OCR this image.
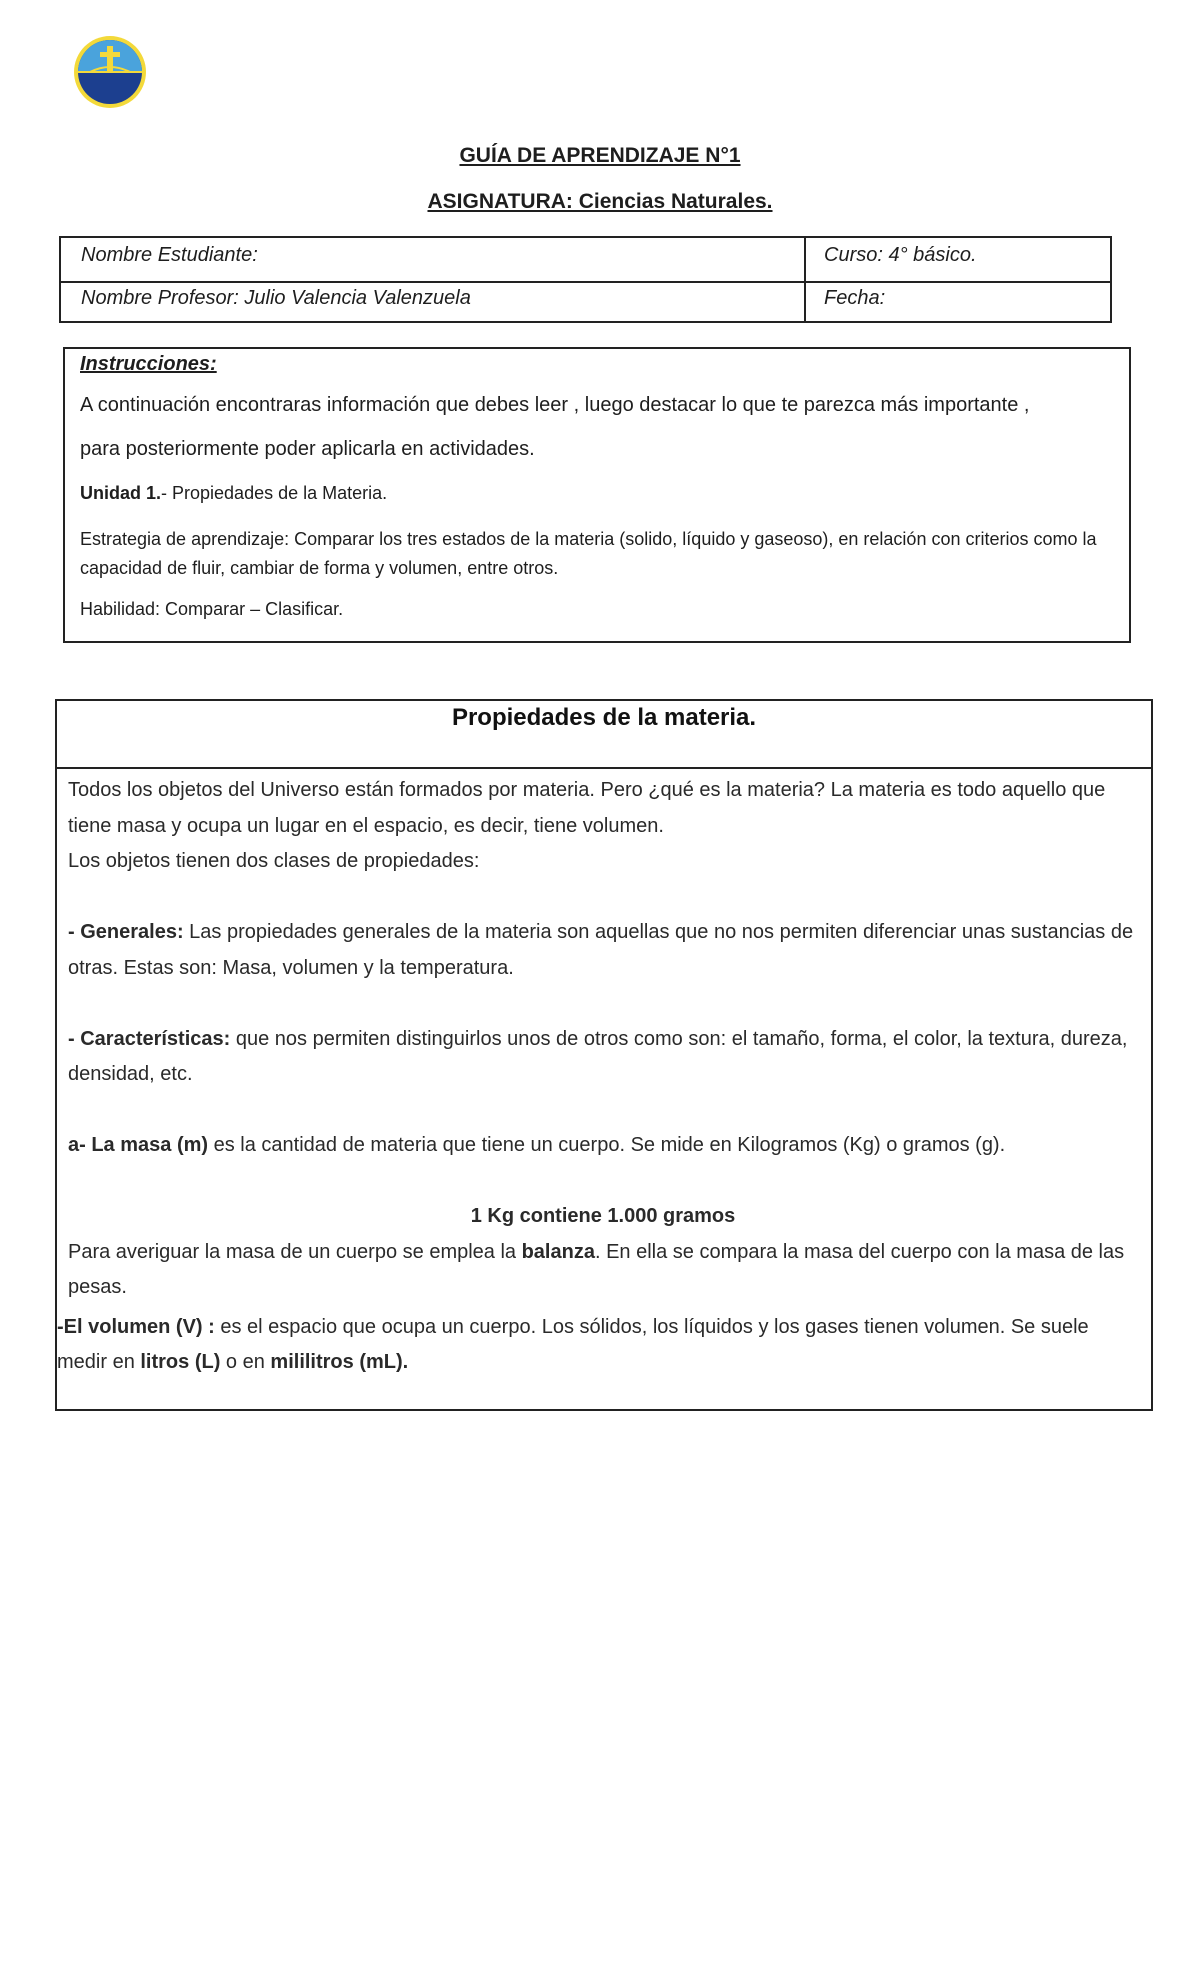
GUÍA DE APRENDIZAJE N°1
ASIGNATURA: Ciencias Naturales.
Nombre Estudiante:	Curso: 4° básico.
Nombre Profesor: Julio Valencia Valenzuela	Fecha:
Instrucciones:
A continuación encontraras información que debes leer , luego destacar lo que te parezca más importante ,
para posteriormente poder aplicarla en actividades.
Unidad 1.- Propiedades de la Materia.
Estrategia de aprendizaje: Comparar los tres estados de la materia (solido, líquido y gaseoso), en relación con criterios como la capacidad de fluir, cambiar de forma y volumen, entre otros.
Habilidad: Comparar – Clasificar.
Propiedades de la materia.

Todos los objetos del Universo están formados por materia. Pero ¿qué es la materia? La materia es todo aquello que tiene masa y ocupa un lugar en el espacio, es decir, tiene volumen.

Los objetos tienen dos clases de propiedades:

- Generales: Las propiedades generales de la materia son aquellas que no nos permiten diferenciar unas sustancias de otras. Estas son: Masa, volumen y la temperatura.

- Características: que nos permiten distinguirlos unos de otros como son: el tamaño, forma, el color, la textura, dureza, densidad, etc.

a- La masa (m) es la cantidad de materia que tiene un cuerpo. Se mide en Kilogramos (Kg) o gramos (g).

1 Kg contiene 1.000 gramos

Para averiguar la masa de un cuerpo se emplea la balanza. En ella se compara la masa del cuerpo con la masa de las pesas.

-El volumen (V) : es el espacio que ocupa un cuerpo. Los sólidos, los líquidos y los gases tienen volumen. Se suele medir en litros (L) o en mililitros (mL).
